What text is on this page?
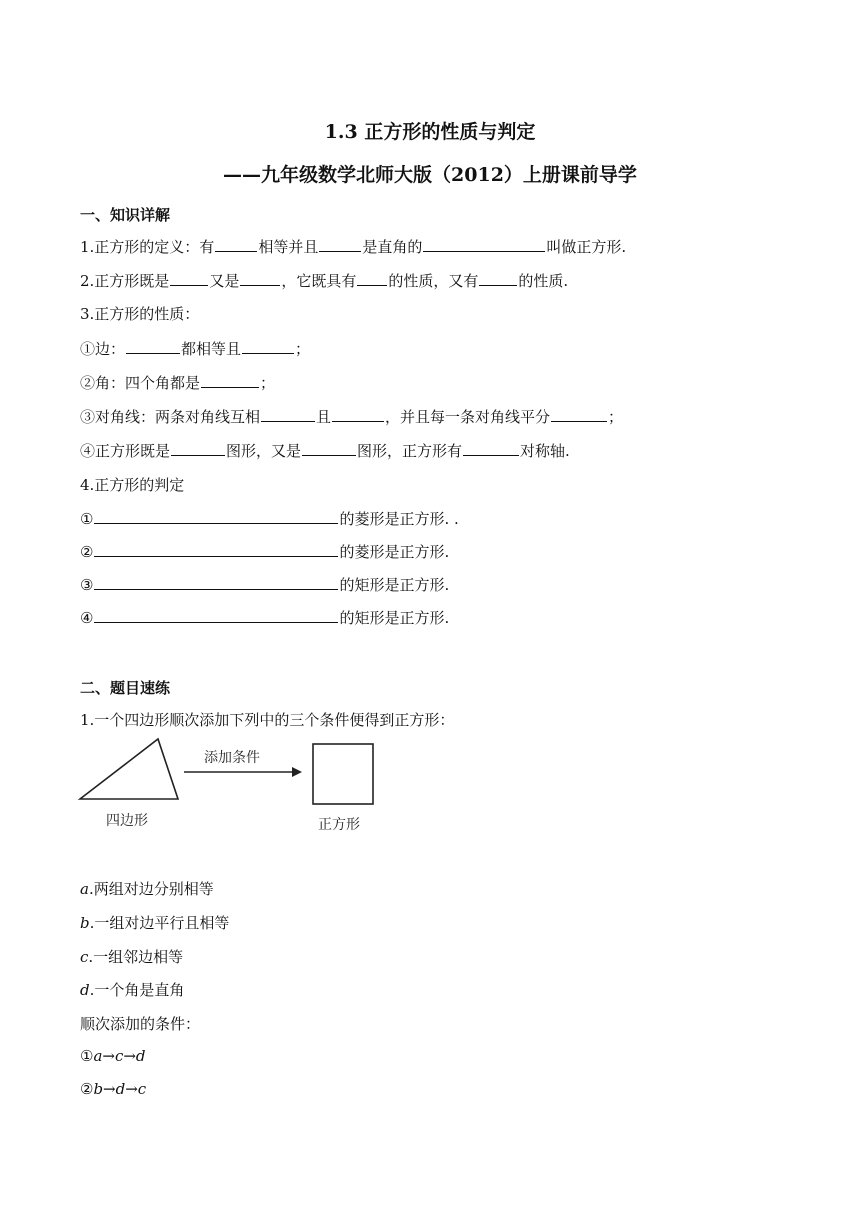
1.3 正方形的性质与判定
——九年级数学北师大版（2012）上册课前导学
一、知识详解
1.正方形的定义：有	相等并且	是直角的	叫做正方形.
2.正方形既是	又是	，它既具有 的性质，又有	的性质.
3.正方形的性质：
①边：	都相等且	；
②角：四个角都是	；
③对角线：两条对角线互相	且	，并且每一条对角线平分	；
④正方形既是	图形，又是	图形，正方形有	对称轴.
4.正方形的判定
①	的菱形是正方形. .
②	的菱形是正方形.
③	的矩形是正方形.
④	的矩形是正方形.
二、题目速练
1.一个四边形顺次添加下列中的三个条件便得到正方形：
添加条件
四边形	正方形
a.两组对边分别相等
b.一组对边平行且相等
c.一组邻边相等
d.一个角是直角
顺次添加的条件：
①a→c→d
②b→d→c
